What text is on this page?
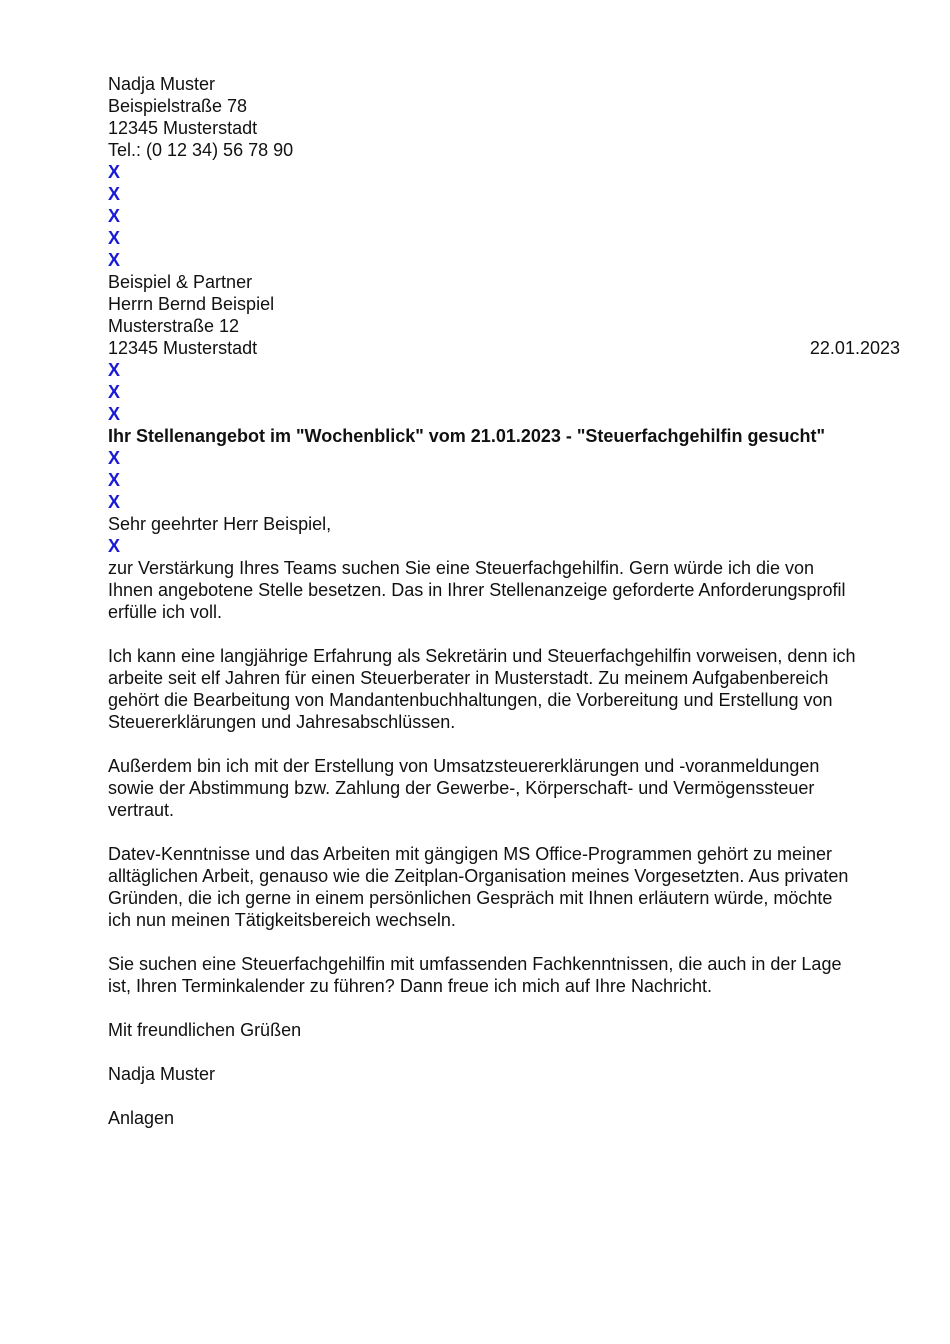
Nadja Muster
Beispielstraße 78
12345 Musterstadt
Tel.: (0 12 34) 56 78 90
X
X
X
X
X
Beispiel & Partner
Herrn Bernd Beispiel
Musterstraße 12
12345 Musterstadt	22.01.2023
X
X
X
Ihr Stellenangebot im "Wochenblick" vom 21.01.2023 - "Steuerfachgehilfin gesucht"
X
X
X
Sehr geehrter Herr Beispiel,
X
zur Verstärkung Ihres Teams suchen Sie eine Steuerfachgehilfin. Gern würde ich die von
Ihnen angebotene Stelle besetzen. Das in Ihrer Stellenanzeige geforderte Anforderungsprofil
erfülle ich voll.
Ich kann eine langjährige Erfahrung als Sekretärin und Steuerfachgehilfin vorweisen, denn ich
arbeite seit elf Jahren für einen Steuerberater in Musterstadt. Zu meinem Aufgabenbereich
gehört die Bearbeitung von Mandantenbuchhaltungen, die Vorbereitung und Erstellung von
Steuererklärungen und Jahresabschlüssen.
Außerdem bin ich mit der Erstellung von Umsatzsteuererklärungen und -voranmeldungen
sowie der Abstimmung bzw. Zahlung der Gewerbe-, Körperschaft- und Vermögenssteuer
vertraut.
Datev-Kenntnisse und das Arbeiten mit gängigen MS Office-Programmen gehört zu meiner
alltäglichen Arbeit, genauso wie die Zeitplan-Organisation meines Vorgesetzten. Aus privaten
Gründen, die ich gerne in einem persönlichen Gespräch mit Ihnen erläutern würde, möchte
ich nun meinen Tätigkeitsbereich wechseln.
Sie suchen eine Steuerfachgehilfin mit umfassenden Fachkenntnissen, die auch in der Lage
ist, Ihren Terminkalender zu führen? Dann freue ich mich auf Ihre Nachricht.
Mit freundlichen Grüßen
Nadja Muster
Anlagen
